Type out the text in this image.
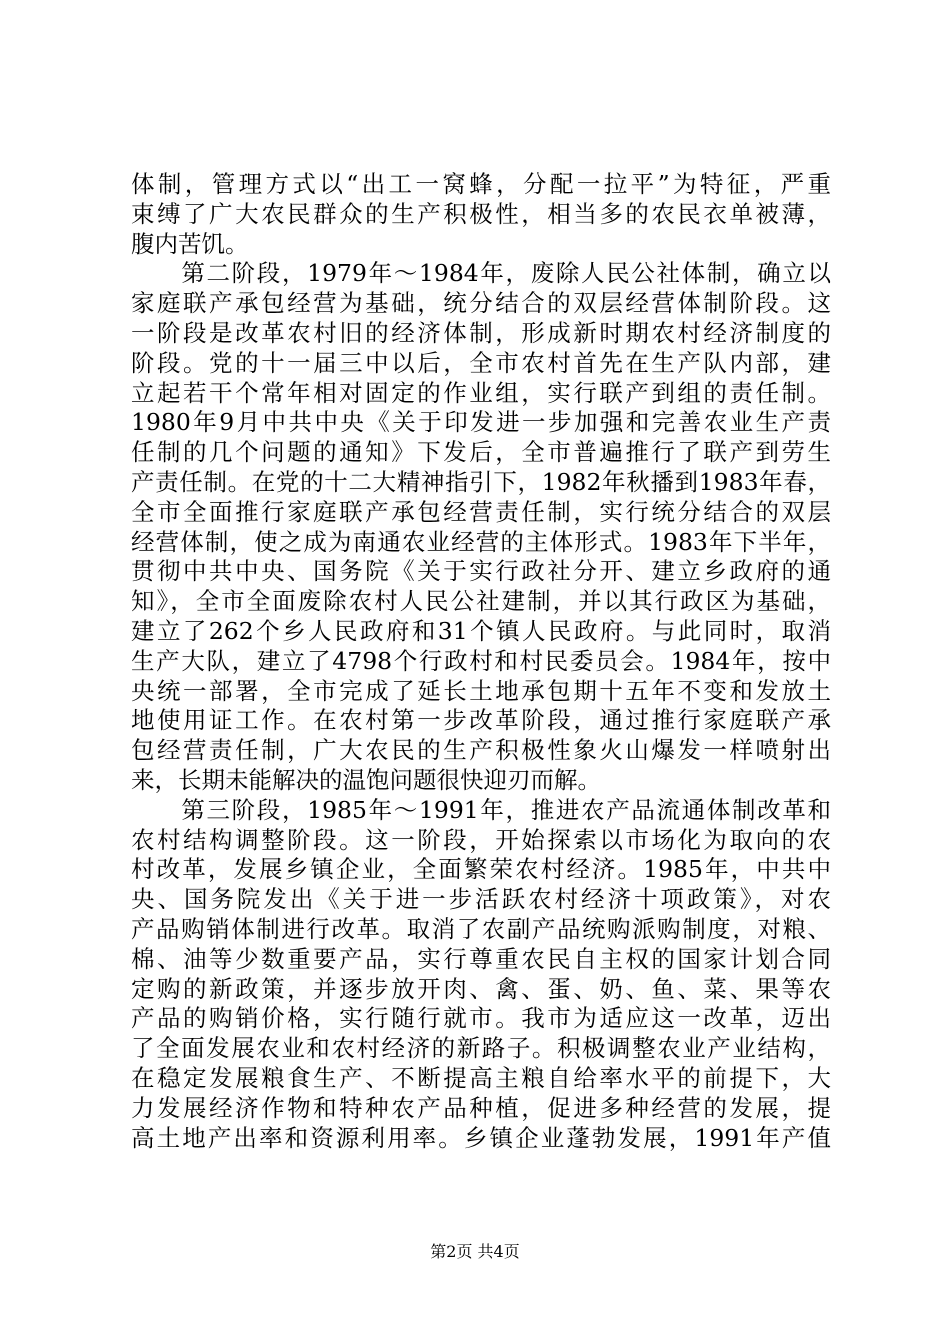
体制，管理方式以“出工一窝蜂，分配一拉平”为特征，严重
束缚了广大农民群众的生产积极性，相当多的农民衣单被薄，
腹内苦饥。
　　第二阶段，1979年～1984年，废除人民公社体制，确立以
家庭联产承包经营为基础，统分结合的双层经营体制阶段。这
一阶段是改革农村旧的经济体制，形成新时期农村经济制度的
阶段。党的十一届三中以后，全市农村首先在生产队内部，建
立起若干个常年相对固定的作业组，实行联产到组的责任制。
1980年9月中共中央《关于印发进一步加强和完善农业生产责
任制的几个问题的通知》下发后，全市普遍推行了联产到劳生
产责任制。在党的十二大精神指引下，1982年秋播到1983年春，
全市全面推行家庭联产承包经营责任制，实行统分结合的双层
经营体制，使之成为南通农业经营的主体形式。1983年下半年，
贯彻中共中央、国务院《关于实行政社分开、建立乡政府的通
知》，全市全面废除农村人民公社建制，并以其行政区为基础，
建立了262个乡人民政府和31个镇人民政府。与此同时，取消
生产大队，建立了4798个行政村和村民委员会。1984年，按中
央统一部署，全市完成了延长土地承包期十五年不变和发放土
地使用证工作。在农村第一步改革阶段，通过推行家庭联产承
包经营责任制，广大农民的生产积极性象火山爆发一样喷射出
来，长期未能解决的温饱问题很快迎刃而解。
　　第三阶段，1985年～1991年，推进农产品流通体制改革和
农村结构调整阶段。这一阶段，开始探索以市场化为取向的农
村改革，发展乡镇企业，全面繁荣农村经济。1985年，中共中
央、国务院发出《关于进一步活跃农村经济十项政策》，对农
产品购销体制进行改革。取消了农副产品统购派购制度，对粮、
棉、油等少数重要产品，实行尊重农民自主权的国家计划合同
定购的新政策，并逐步放开肉、禽、蛋、奶、鱼、菜、果等农
产品的购销价格，实行随行就市。我市为适应这一改革，迈出
了全面发展农业和农村经济的新路子。积极调整农业产业结构，
在稳定发展粮食生产、不断提高主粮自给率水平的前提下，大
力发展经济作物和特种农产品种植，促进多种经营的发展，提
高土地产出率和资源利用率。乡镇企业蓬勃发展，1991年产值
第2页 共4页
